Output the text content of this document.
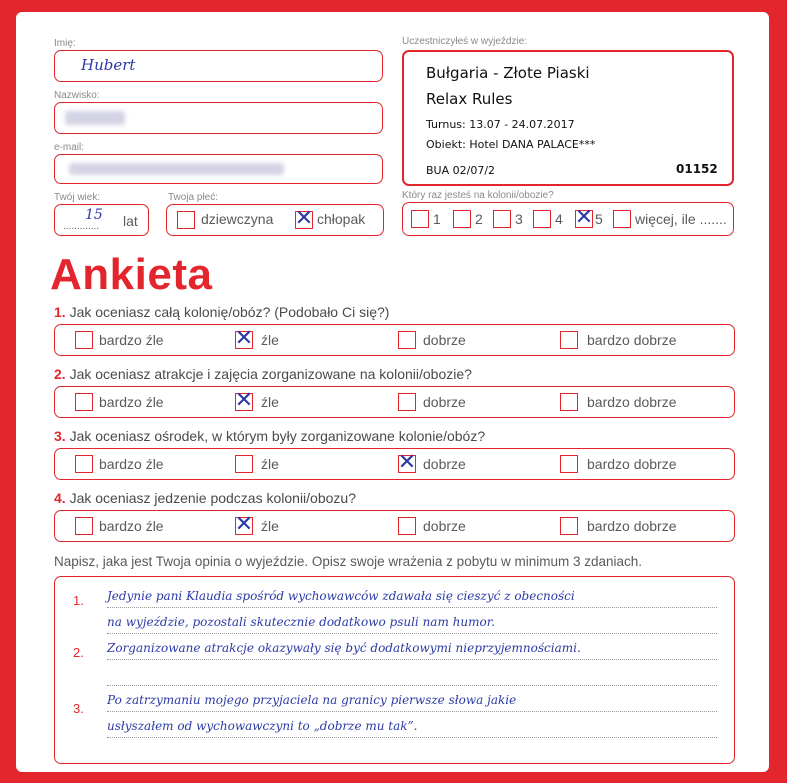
Imię:
Hubert
Nazwisko:
e-mail:
Twój wiek:
.............
15 lat
Twoja płeć:
dziewczyna ✕ chłopak
Uczestniczyłeś w wyjeździe:
Bułgaria - Złote Piaski
Relax Rules
Turnus: 13.07 - 24.07.2017
Obiekt: Hotel DANA PALACE***
BUA 02/07/2	01152
Który raz jesteś na kolonii/obozie?
1 2 3 4 ✕ 5 więcej, ile .......
Ankieta
1. Jak oceniasz całą kolonię/obóz? (Podobało Ci się?)
bardzo źle	✕ źle	dobrze	bardzo dobrze
2. Jak oceniasz atrakcje i zajęcia zorganizowane na kolonii/obozie?
bardzo źle	✕ źle	dobrze	bardzo dobrze
3. Jak oceniasz ośrodek, w którym były zorganizowane kolonie/obóz?
bardzo źle	źle	✕ dobrze	bardzo dobrze
4. Jak oceniasz jedzenie podczas kolonii/obozu?
bardzo źle	✕ źle	dobrze	bardzo dobrze
Napisz, jaka jest Twoja opinia o wyjeździe. Opisz swoje wrażenia z pobytu w minimum 3 zdaniach.
1. Jedynie pani Klaudia spośród wychowawców zdawała się cieszyć z obecności
na wyjeździe, pozostali skutecznie dodatkowo psuli nam humor.
2. Zorganizowane atrakcje okazywały się być dodatkowymi nieprzyjemnościami.
3.
Po zatrzymaniu mojego przyjaciela na granicy pierwsze słowa jakie
usłyszałem od wychowawczyni to „dobrze mu tak”.
